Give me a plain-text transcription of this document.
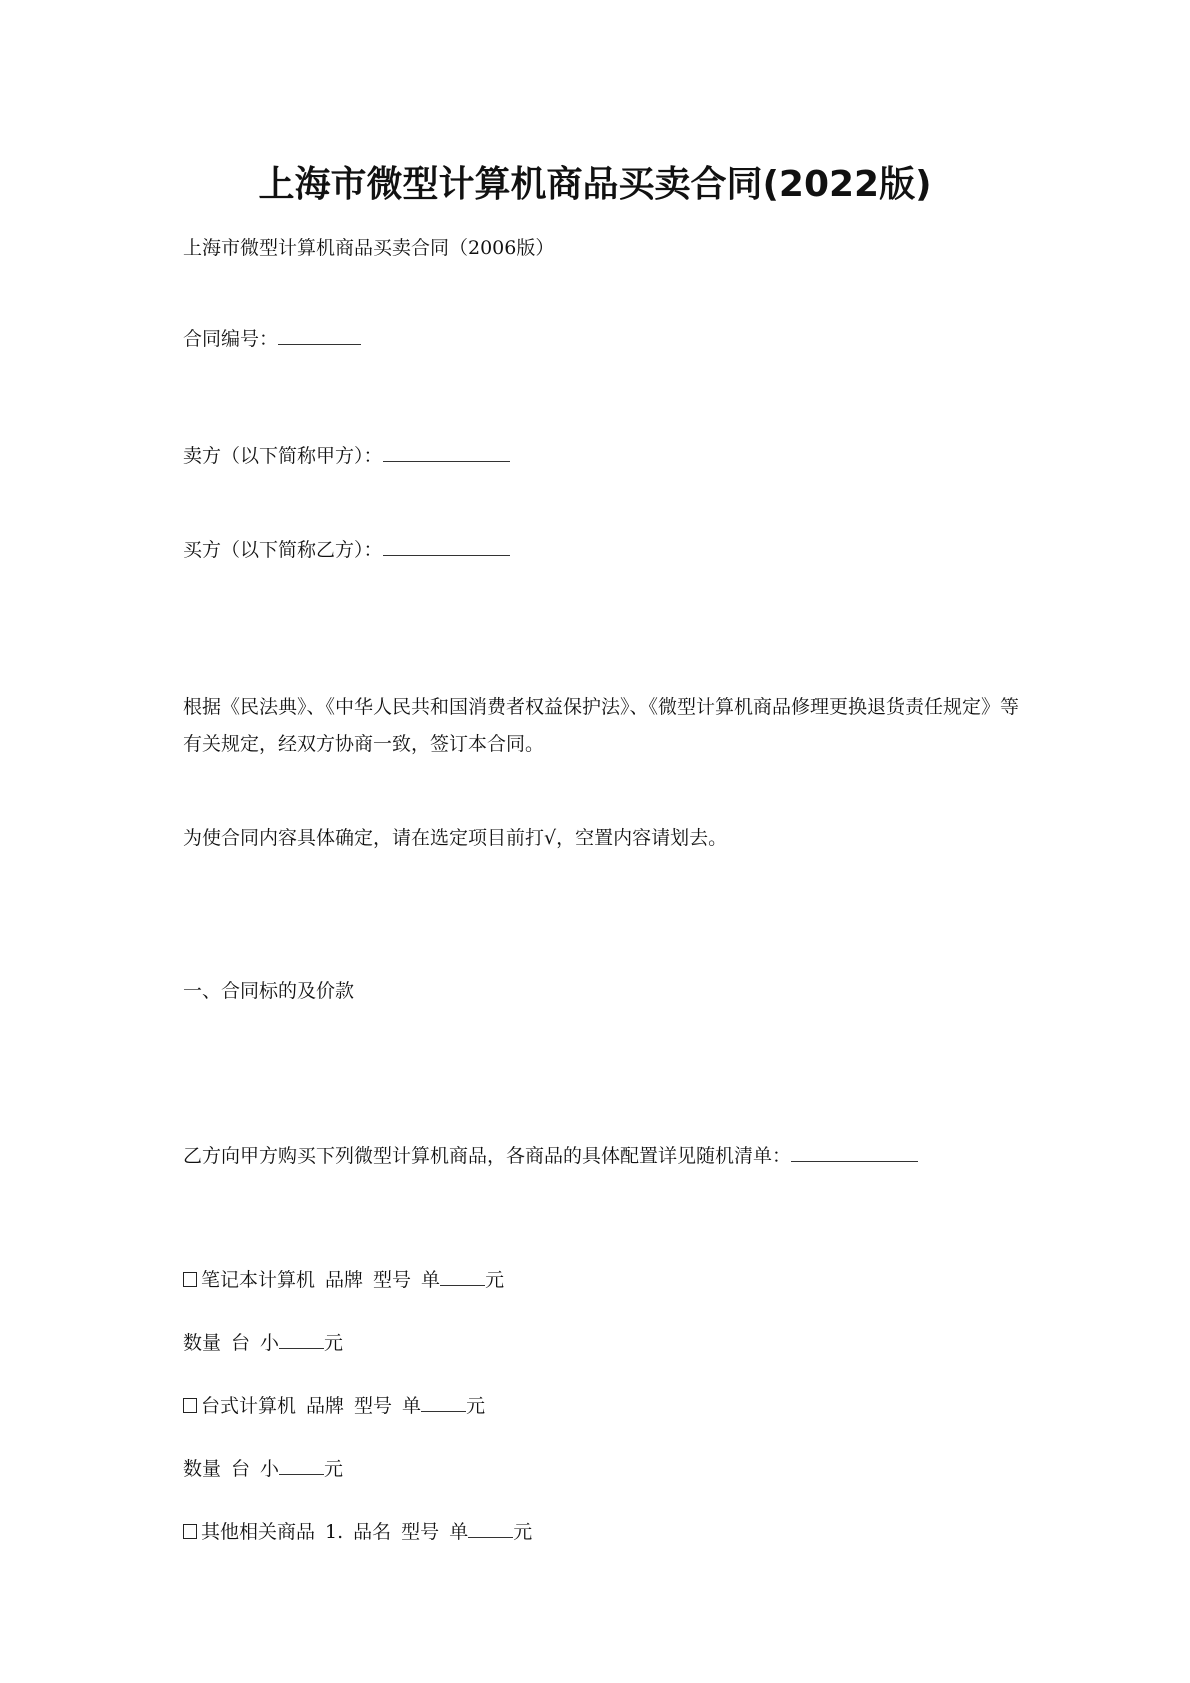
上海市微型计算机商品买卖合同(2022版)
上海市微型计算机商品买卖合同（2006版）
合同编号：
卖方（以下简称甲方）：
买方（以下简称乙方）：
根据《民法典》、《中华人民共和国消费者权益保护法》、《微型计算机商品修理更换退货责任规定》等有关规定，经双方协商一致，签订本合同。
为使合同内容具体确定，请在选定项目前打√，空置内容请划去。
一、合同标的及价款
乙方向甲方购买下列微型计算机商品，各商品的具体配置详见随机清单：
笔记本计算机 品牌 型号 单 元
数量 台 小 元
台式计算机 品牌 型号 单 元
数量 台 小 元
其他相关商品 1. 品名 型号 单 元
